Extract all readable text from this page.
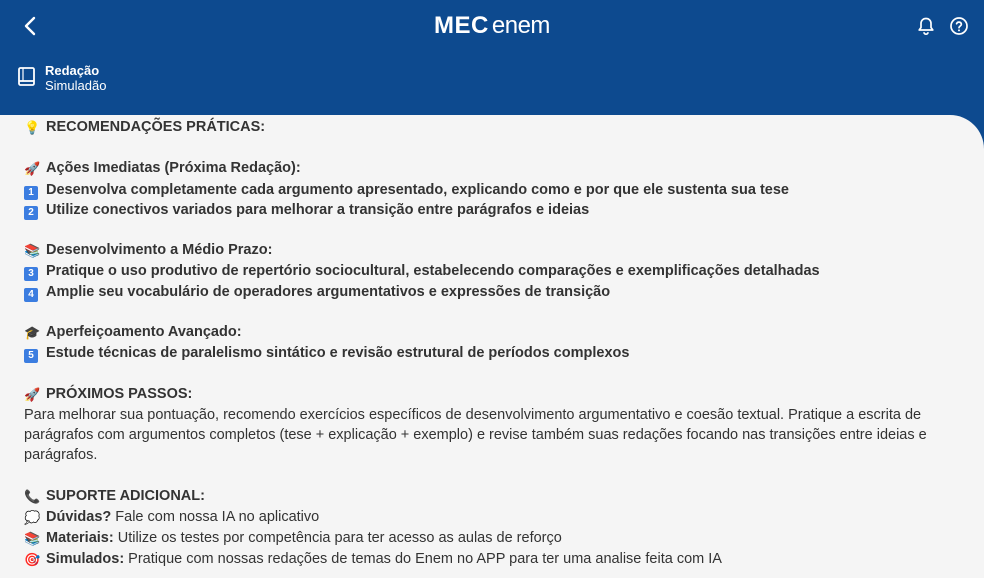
MEC enem
Redação
Simuladão
💡 RECOMENDAÇÕES PRÁTICAS:
🚀 Ações Imediatas (Próxima Redação):
1 Desenvolva completamente cada argumento apresentado, explicando como e por que ele sustenta sua tese
2 Utilize conectivos variados para melhorar a transição entre parágrafos e ideias
📚 Desenvolvimento a Médio Prazo:
3 Pratique o uso produtivo de repertório sociocultural, estabelecendo comparações e exemplificações detalhadas
4 Amplie seu vocabulário de operadores argumentativos e expressões de transição
🎓 Aperfeiçoamento Avançado:
5 Estude técnicas de paralelismo sintático e revisão estrutural de períodos complexos
🚀 PRÓXIMOS PASSOS:
Para melhorar sua pontuação, recomendo exercícios específicos de desenvolvimento argumentativo e coesão textual. Pratique a escrita de parágrafos com argumentos completos (tese + explicação + exemplo) e revise também suas redações focando nas transições entre ideias e parágrafos.
📞 SUPORTE ADICIONAL:
💭 Dúvidas? Fale com nossa IA no aplicativo
📚 Materiais: Utilize os testes por competência para ter acesso as aulas de reforço
🎯 Simulados: Pratique com nossas redações de temas do Enem no APP para ter uma analise feita com IA
